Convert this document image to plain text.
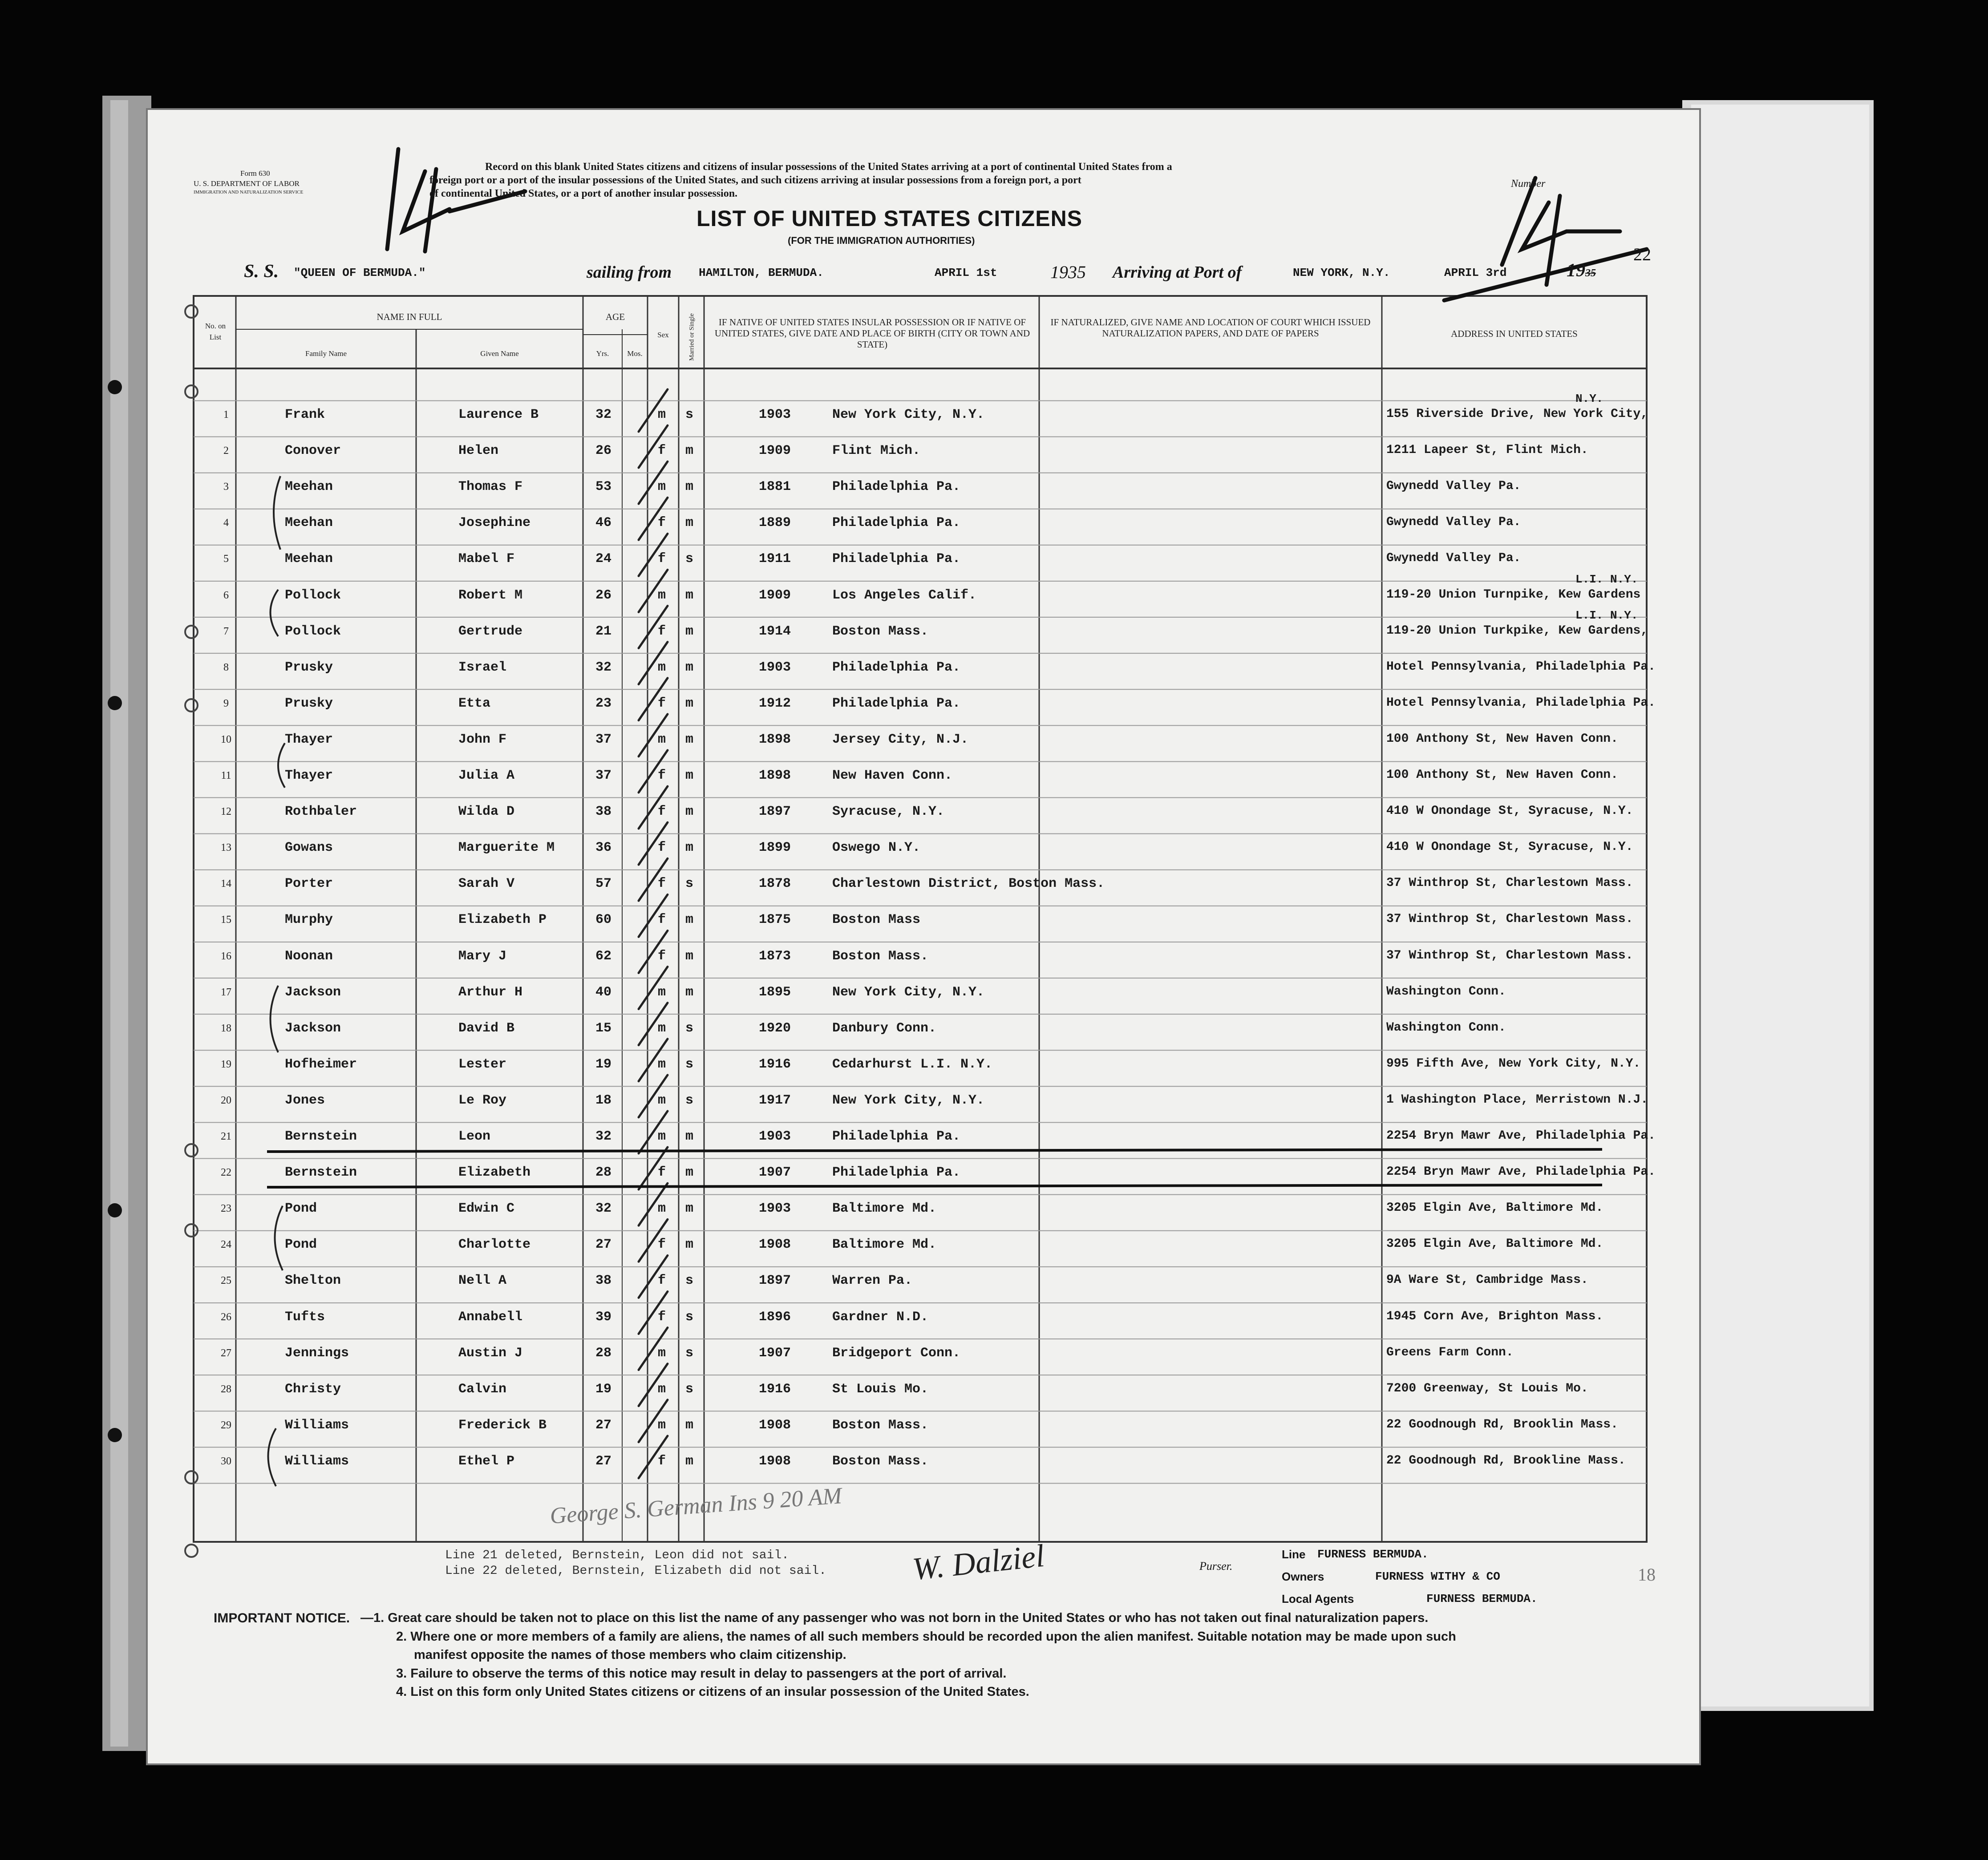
Form 630
U. S. DEPARTMENT OF LABOR
IMMIGRATION AND NATURALIZATION SERVICE
Record on this blank United States citizens and citizens of insular possessions of the United States arriving at a port of continental United States from a
foreign port or a port of the insular possessions of the United States, and such citizens arriving at insular possessions from a foreign port, a port
of continental United States, or a port of another insular possession.
LIST OF UNITED STATES CITIZENS
(FOR THE IMMIGRATION AUTHORITIES)
Number
22
S. S. "QUEEN OF BERMUDA."	sailing from HAMILTON, BERMUDA.	APRIL 1st	1935 Arriving at Port of	NEW YORK, N.Y.	APRIL 3rd	1935
No. on List
NAME IN FULL
Family Name	Given Name
AGE
Yrs.	Mos.
Sex	Married or Single	IF NATIVE OF UNITED STATES INSULAR POSSESSION OR IF NATIVE OF UNITED STATES, GIVE DATE AND PLACE OF BIRTH (CITY OR TOWN AND STATE)
IF NATURALIZED, GIVE NAME AND LOCATION OF COURT WHICH ISSUED NATURALIZATION PAPERS, AND DATE OF PAPERS	ADDRESS IN UNITED STATES
1	Frank	Laurence B	32	m s	1903	New York City, N.Y.	155 Riverside Drive, New York City,
N.Y.
2	Conover	Helen	26	f m	1909	Flint Mich.	1211 Lapeer St, Flint Mich.
3	Meehan	Thomas F	53	m m	1881	Philadelphia Pa.	Gwynedd Valley Pa.
4	Meehan	Josephine	46	f m	1889	Philadelphia Pa.	Gwynedd Valley Pa.
5	Meehan	Mabel F	24	f s	1911	Philadelphia Pa.	Gwynedd Valley Pa.
6	Pollock	Robert M	26	m m	1909	Los Angeles Calif.	119-20 Union Turnpike, Kew Gardens
L.I. N.Y.
7	Pollock	Gertrude	21	f m	1914	Boston Mass.	119-20 Union Turkpike, Kew Gardens,
L.I. N.Y.
8	Prusky	Israel	32	m m	1903	Philadelphia Pa.	Hotel Pennsylvania, Philadelphia Pa.
9	Prusky	Etta	23	f m	1912	Philadelphia Pa.	Hotel Pennsylvania, Philadelphia Pa.
10	Thayer	John F	37	m m	1898	Jersey City, N.J.	100 Anthony St, New Haven Conn.
11	Thayer	Julia A	37	f m	1898	New Haven Conn.	100 Anthony St, New Haven Conn.
12	Rothbaler	Wilda D	38	f m	1897	Syracuse, N.Y.	410 W Onondage St, Syracuse, N.Y.
13	Gowans	Marguerite M	36	f m	1899	Oswego N.Y.	410 W Onondage St, Syracuse, N.Y.
14	Porter	Sarah V	57	f s	1878	Charlestown District, Boston Mass.	37 Winthrop St, Charlestown Mass.
15	Murphy	Elizabeth P	60	f m	1875	Boston Mass	37 Winthrop St, Charlestown Mass.
16	Noonan	Mary J	62	f m	1873	Boston Mass.	37 Winthrop St, Charlestown Mass.
17	Jackson	Arthur H	40	m m	1895	New York City, N.Y.	Washington Conn.
18	Jackson	David B	15	m s	1920	Danbury Conn.	Washington Conn.
19	Hofheimer	Lester	19	m s	1916	Cedarhurst L.I. N.Y.	995 Fifth Ave, New York City, N.Y.
20	Jones	Le Roy	18	m s	1917	New York City, N.Y.	1 Washington Place, Merristown N.J.
21	Bernstein	Leon	32	m m	1903	Philadelphia Pa.	2254 Bryn Mawr Ave, Philadelphia Pa.
22	Bernstein	Elizabeth	28	f m	1907	Philadelphia Pa.	2254 Bryn Mawr Ave, Philadelphia Pa.
23	Pond	Edwin C	32	m m	1903	Baltimore Md.	3205 Elgin Ave, Baltimore Md.
24	Pond	Charlotte	27	f m	1908	Baltimore Md.	3205 Elgin Ave, Baltimore Md.
25	Shelton	Nell A	38	f s	1897	Warren Pa.	9A Ware St, Cambridge Mass.
26	Tufts	Annabell	39	f s	1896	Gardner N.D.	1945 Corn Ave, Brighton Mass.
27	Jennings	Austin J	28	m s	1907	Bridgeport Conn.	Greens Farm Conn.
28	Christy	Calvin	19	m s	1916	St Louis Mo.	7200 Greenway, St Louis Mo.
29	Williams	Frederick B	27	m m	1908	Boston Mass.	22 Goodnough Rd, Brooklin Mass.
30	Williams	Ethel P	27	f m	1908	Boston Mass.	22 Goodnough Rd, Brookline Mass.
Line 21 deleted, Bernstein, Leon did not sail.
Line 22 deleted, Bernstein, Elizabeth did not sail.
George S. German Ins 9 20 AM
W. Dalziel	Purser.
Line FURNESS BERMUDA.
Owners	FURNESS WITHY & CO
Local Agents	FURNESS BERMUDA.
18
IMPORTANT NOTICE. —1. Great care should be taken not to place on this list the name of any passenger who was not born in the United States or who has not taken out final naturalization papers.
2. Where one or more members of a family are aliens, the names of all such members should be recorded upon the alien manifest. Suitable notation may be made upon such
manifest opposite the names of those members who claim citizenship.
3. Failure to observe the terms of this notice may result in delay to passengers at the port of arrival.
4. List on this form only United States citizens or citizens of an insular possession of the United States.
